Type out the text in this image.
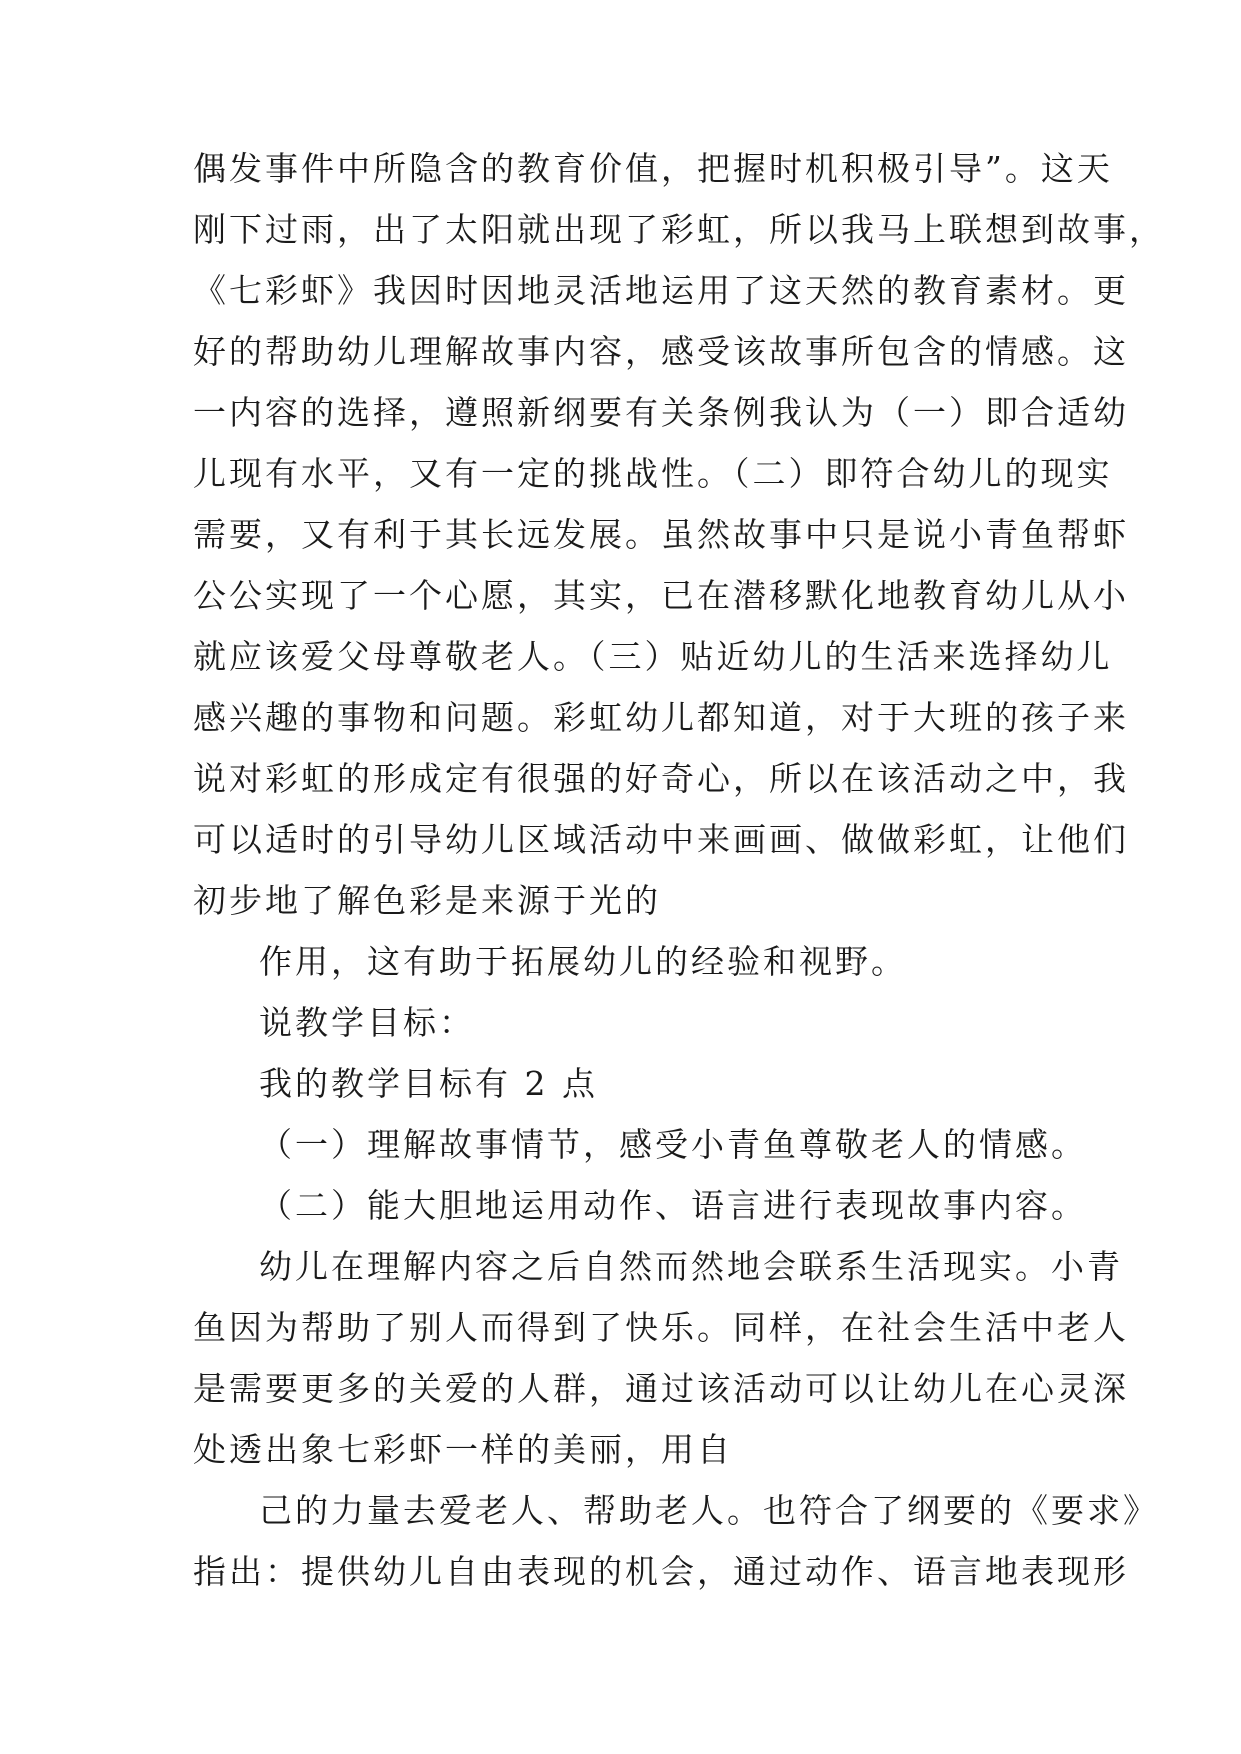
偶发事件中所隐含的教育价值，把握时机积极引导”。这天
刚下过雨，出了太阳就出现了彩虹，所以我马上联想到故事，
《七彩虾》我因时因地灵活地运用了这天然的教育素材。更
好的帮助幼儿理解故事内容，感受该故事所包含的情感。这
一内容的选择，遵照新纲要有关条例我认为（一）即合适幼
儿现有水平，又有一定的挑战性。（二）即符合幼儿的现实
需要，又有利于其长远发展。虽然故事中只是说小青鱼帮虾
公公实现了一个心愿，其实，已在潜移默化地教育幼儿从小
就应该爱父母尊敬老人。（三）贴近幼儿的生活来选择幼儿
感兴趣的事物和问题。彩虹幼儿都知道，对于大班的孩子来
说对彩虹的形成定有很强的好奇心，所以在该活动之中，我
可以适时的引导幼儿区域活动中来画画、做做彩虹，让他们
初步地了解色彩是来源于光的
作用，这有助于拓展幼儿的经验和视野。
说教学目标：
我的教学目标有 2 点
（一）理解故事情节，感受小青鱼尊敬老人的情感。
（二）能大胆地运用动作、语言进行表现故事内容。
幼儿在理解内容之后自然而然地会联系生活现实。小青
鱼因为帮助了别人而得到了快乐。同样，在社会生活中老人
是需要更多的关爱的人群，通过该活动可以让幼儿在心灵深
处透出象七彩虾一样的美丽，用自
己的力量去爱老人、帮助老人。也符合了纲要的《要求》
指出：提供幼儿自由表现的机会，通过动作、语言地表现形
